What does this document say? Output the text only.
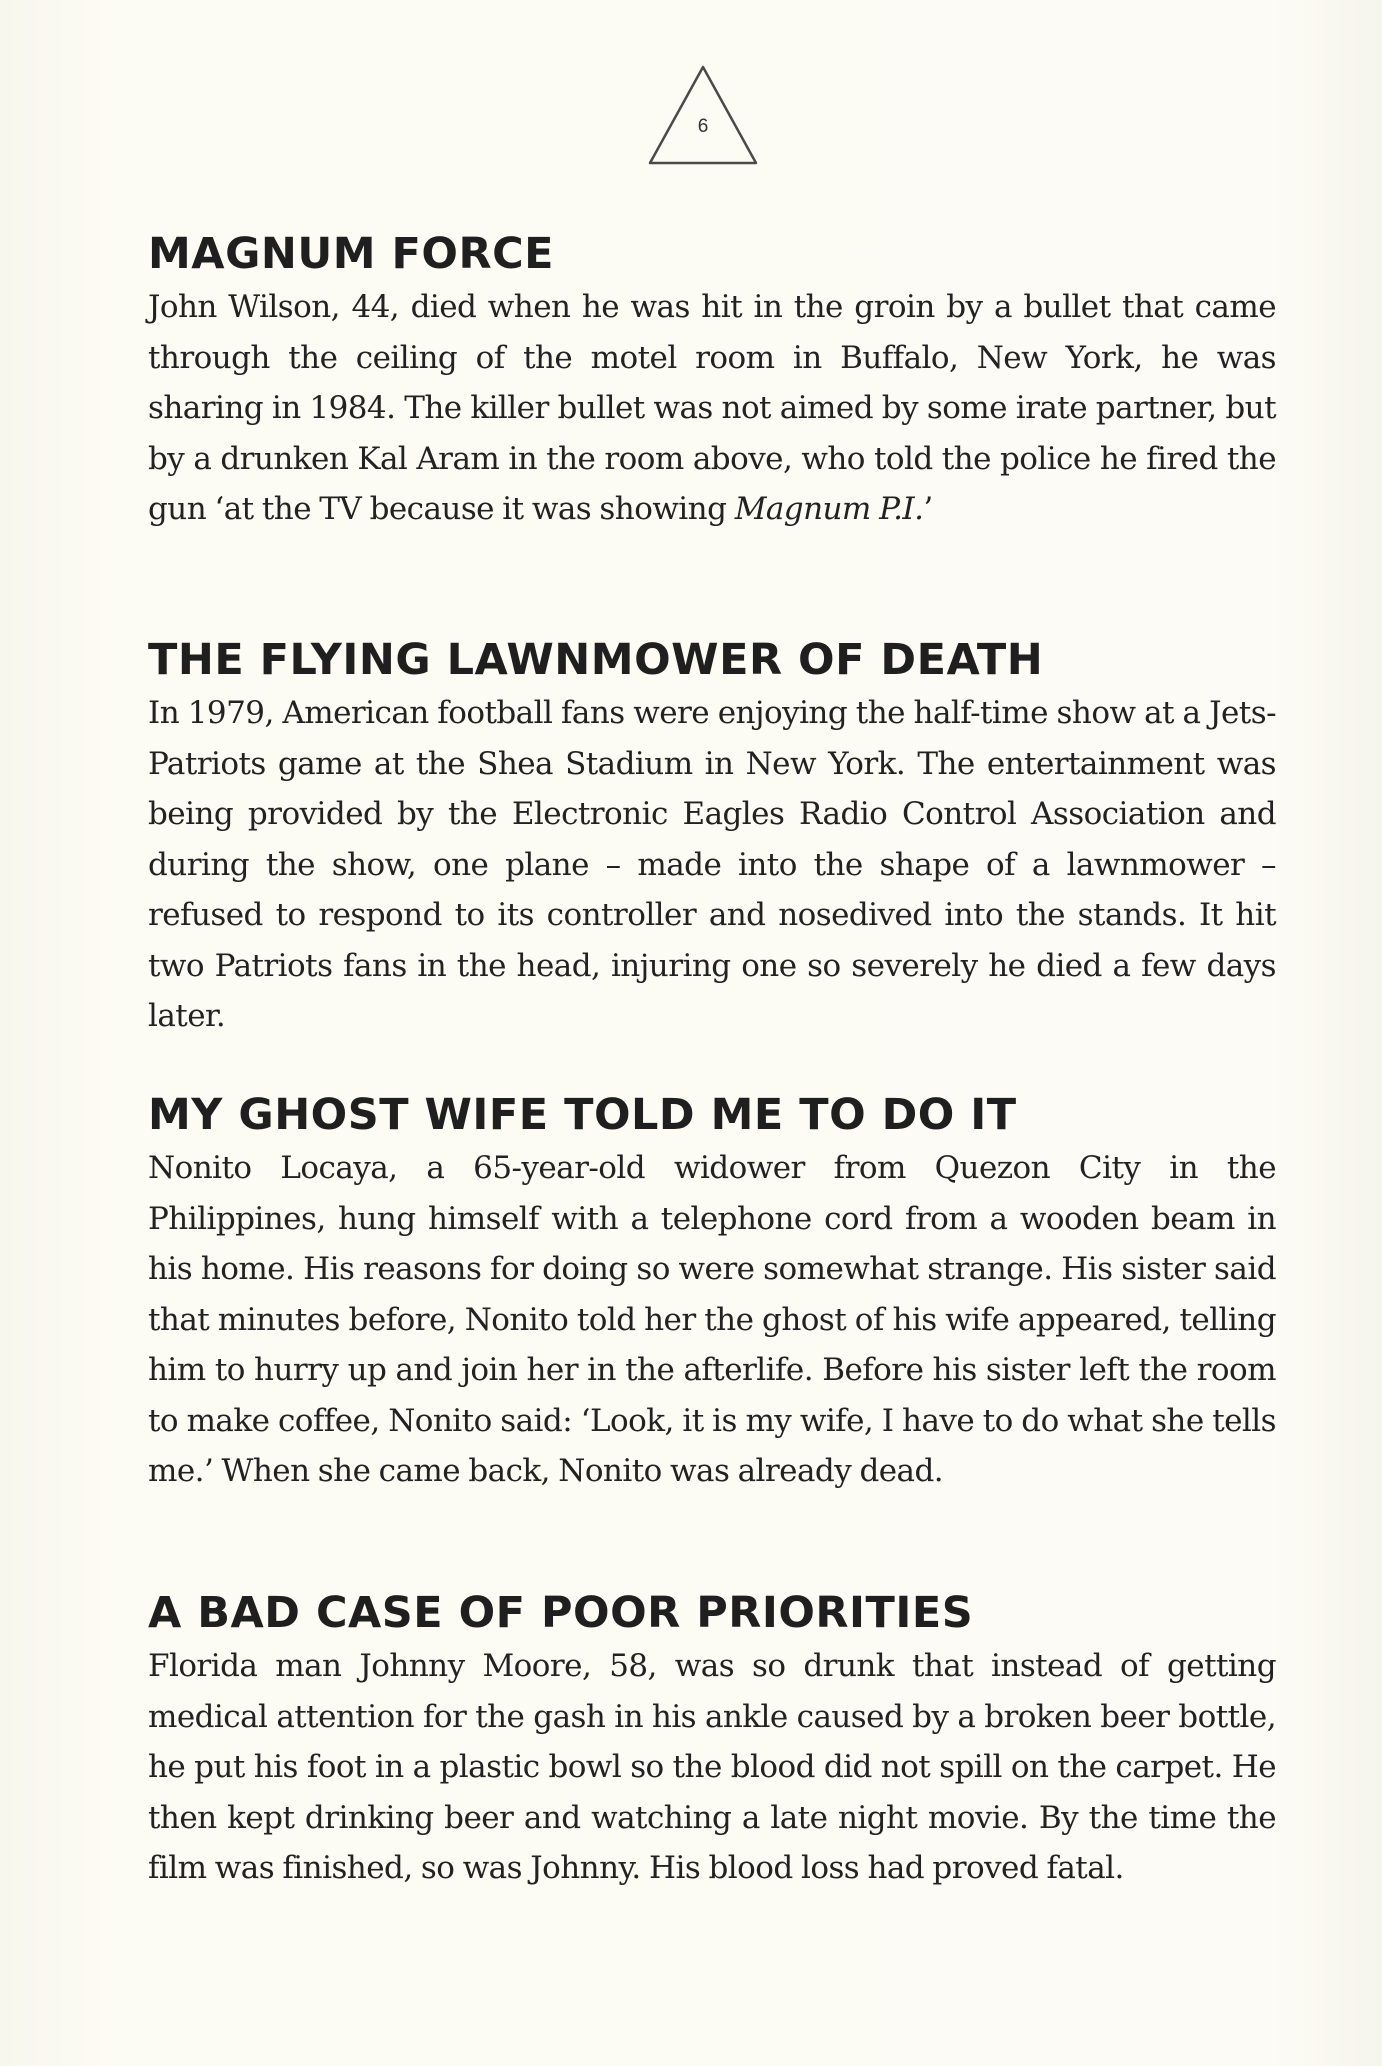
6
MAGNUM FORCE

John Wilson, 44, died when he was hit in the groin by a bullet that came through the ceiling of the motel room in Buffalo, New York, he was sharing in 1984. The killer bullet was not aimed by some irate partner, but by a drunken Kal Aram in the room above, who told the police he fired the gun ‘at the TV because it was showing Magnum P.I.’

THE FLYING LAWNMOWER OF DEATH

In 1979, American football fans were enjoying the half-time show at a Jets-Patriots game at the Shea Stadium in New York. The entertainment was being provided by the Electronic Eagles Radio Control Association and during the show, one plane – made into the shape of a lawnmower – refused to respond to its controller and nosedived into the stands. It hit two Patriots fans in the head, injuring one so severely he died a few days later.

MY GHOST WIFE TOLD ME TO DO IT

Nonito Locaya, a 65-year-old widower from Quezon City in the Philippines, hung himself with a telephone cord from a wooden beam in his home. His reasons for doing so were somewhat strange. His sister said that minutes before, Nonito told her the ghost of his wife appeared, telling him to hurry up and join her in the afterlife. Before his sister left the room to make coffee, Nonito said: ‘Look, it is my wife, I have to do what she tells me.’ When she came back, Nonito was already dead.

A BAD CASE OF POOR PRIORITIES

Florida man Johnny Moore, 58, was so drunk that instead of getting medical attention for the gash in his ankle caused by a broken beer bottle, he put his foot in a plastic bowl so the blood did not spill on the carpet. He then kept drinking beer and watching a late night movie. By the time the film was finished, so was Johnny. His blood loss had proved fatal.
